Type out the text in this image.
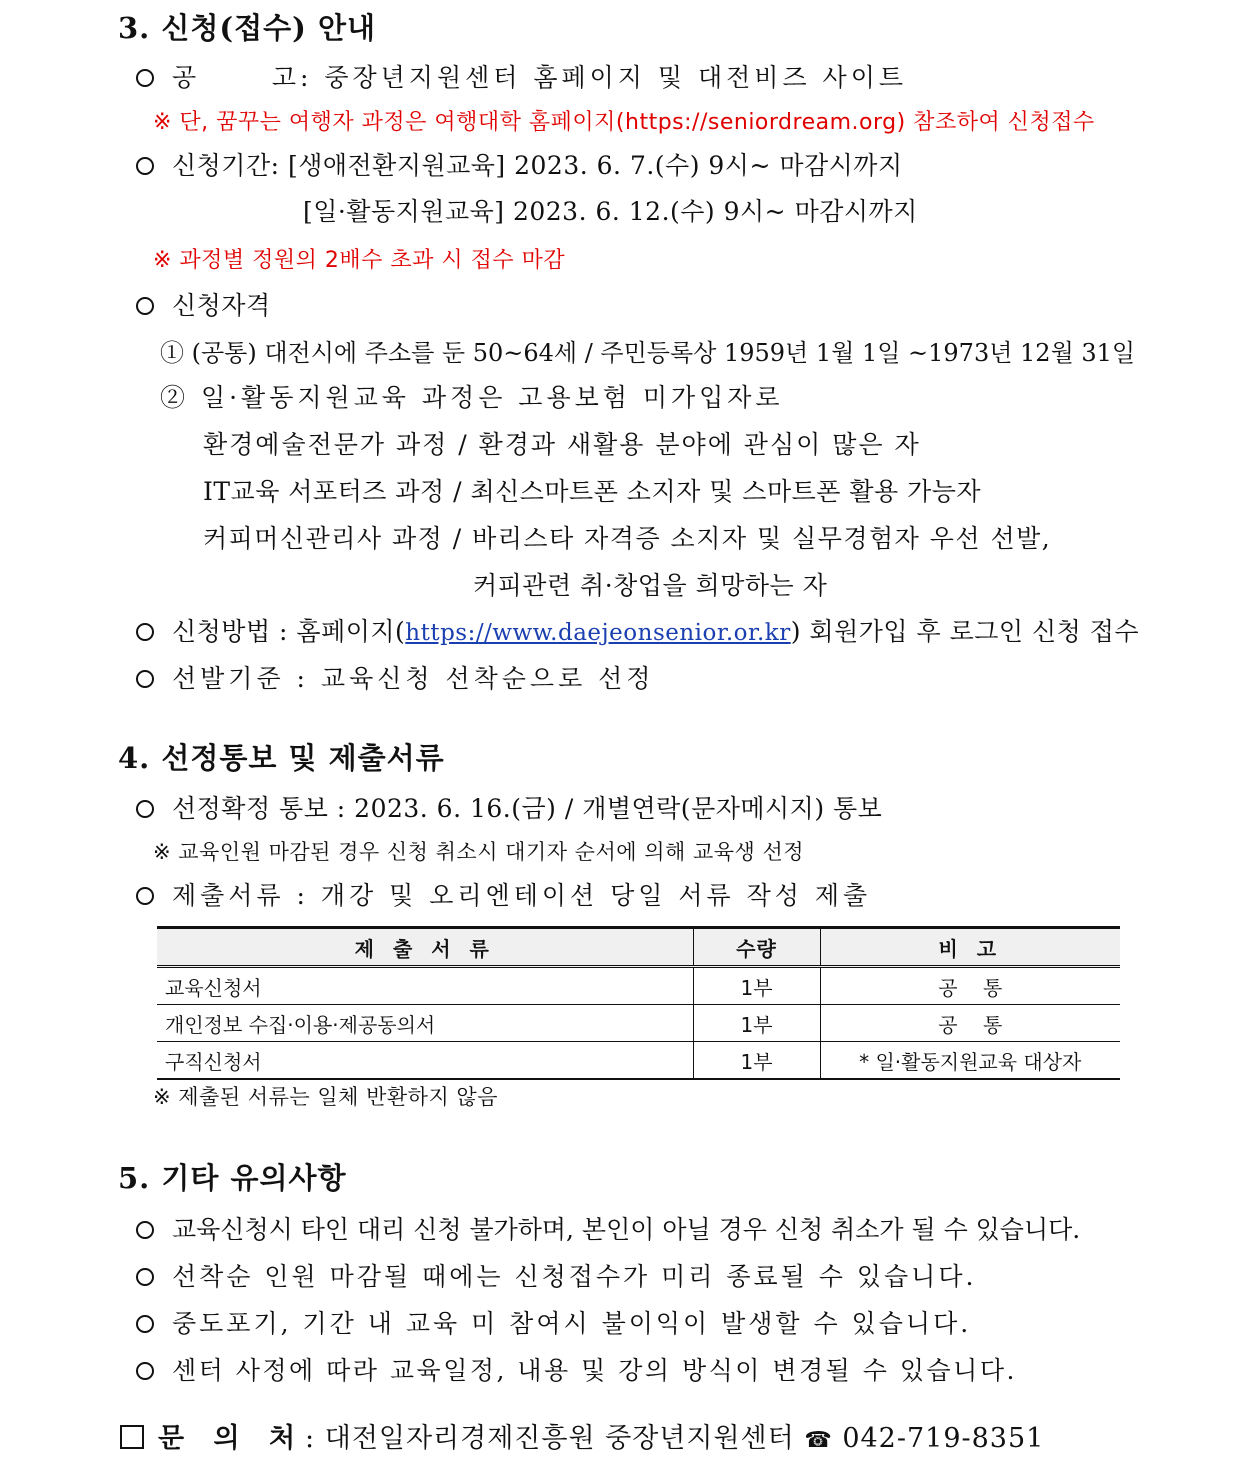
3. 신청(접수) 안내
공      고: 중장년지원센터 홈페이지 및 대전비즈 사이트
※ 단, 꿈꾸는 여행자 과정은 여행대학 홈페이지(https://seniordream.org) 참조하여 신청접수
신청기간: [생애전환지원교육] 2023. 6. 7.(수) 9시~ 마감시까지
[일·활동지원교육] 2023. 6. 12.(수) 9시~ 마감시까지
※ 과정별 정원의 2배수 초과 시 접수 마감
신청자격
① (공통) 대전시에 주소를 둔 50~64세 / 주민등록상 1959년 1월 1일 ~1973년 12월 31일
② 일·활동지원교육 과정은 고용보험 미가입자로
환경예술전문가 과정 / 환경과 새활용 분야에 관심이 많은 자
IT교육 서포터즈 과정 / 최신스마트폰 소지자 및 스마트폰 활용 가능자
커피머신관리사 과정 / 바리스타 자격증 소지자 및 실무경험자 우선 선발,
커피관련 취·창업을 희망하는 자
신청방법 : 홈페이지(https://www.daejeonsenior.or.kr) 회원가입 후 로그인 신청 접수
선발기준 : 교육신청 선착순으로 선정
4. 선정통보 및 제출서류
선정확정 통보 : 2023. 6. 16.(금) / 개별연락(문자메시지) 통보
※ 교육인원 마감된 경우 신청 취소시 대기자 순서에 의해 교육생 선정
제출서류 : 개강 및 오리엔테이션 당일 서류 작성 제출
제 출 서 류	수량	비 고
교육신청서	1부	공    통
개인정보 수집·이용·제공동의서	1부	공    통
구직신청서	1부	* 일·활동지원교육 대상자
※ 제출된 서류는 일체 반환하지 않음
5. 기타 유의사항
교육신청시 타인 대리 신청 불가하며, 본인이 아닐 경우 신청 취소가 될 수 있습니다.
선착순 인원 마감될 때에는 신청접수가 미리 종료될 수 있습니다.
중도포기, 기간 내 교육 미 참여시 불이익이 발생할 수 있습니다.
센터 사정에 따라 교육일정, 내용 및 강의 방식이 변경될 수 있습니다.
문 의 처: 대전일자리경제진흥원 중장년지원센터 ☎ 042-719-8351
